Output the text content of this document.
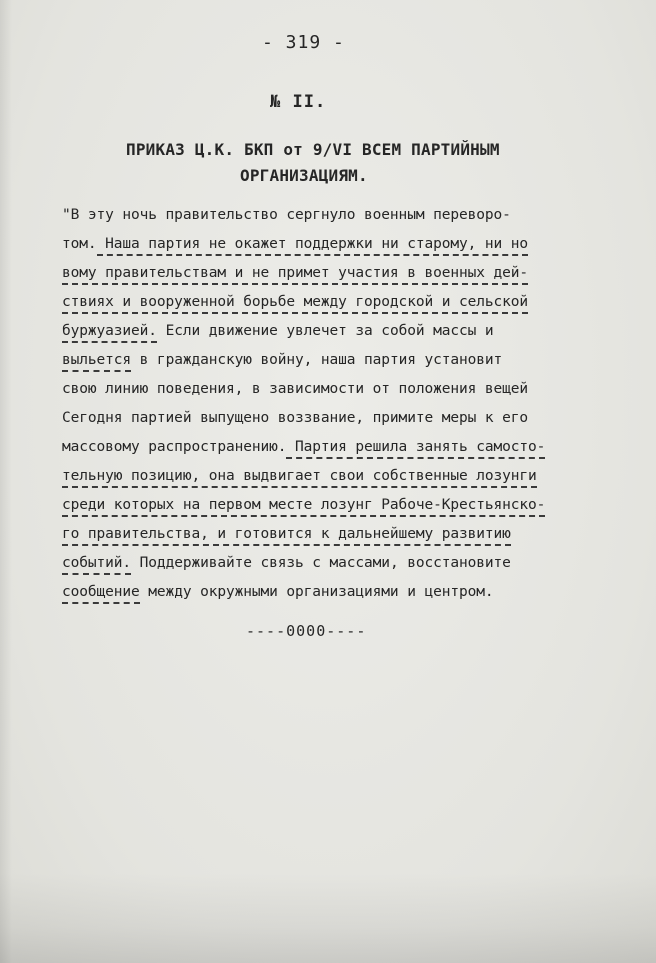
- 319 -
№ II.
ПРИКАЗ Ц.К. БКП от 9/VI ВСЕМ ПАРТИЙНЫМ
ОРГАНИЗАЦИЯМ.
"В эту ночь правительство сергнуло военным переворо-
том. Наша партия не окажет поддержки ни старому, ни но
вому правительствам и не примет участия в военных дей-
ствиях и вооруженной борьбе между городской и сельской
буржуазией. Если движение увлечет за собой массы и
выльется в гражданскую войну, наша партия установит
свою линию поведения, в зависимости от положения вещей
Сегодня партией выпущено воззвание, примите меры к его
массовому распространению. Партия решила занять самосто-
тельную позицию, она выдвигает свои собственные лозунги
среди которых на первом месте лозунг Рабоче-Крестьянско-
го правительства, и готовится к дальнейшему развитию
событий. Поддерживайте связь с массами, восстановите
сообщение между окружными организациями и центром.
----0000----
